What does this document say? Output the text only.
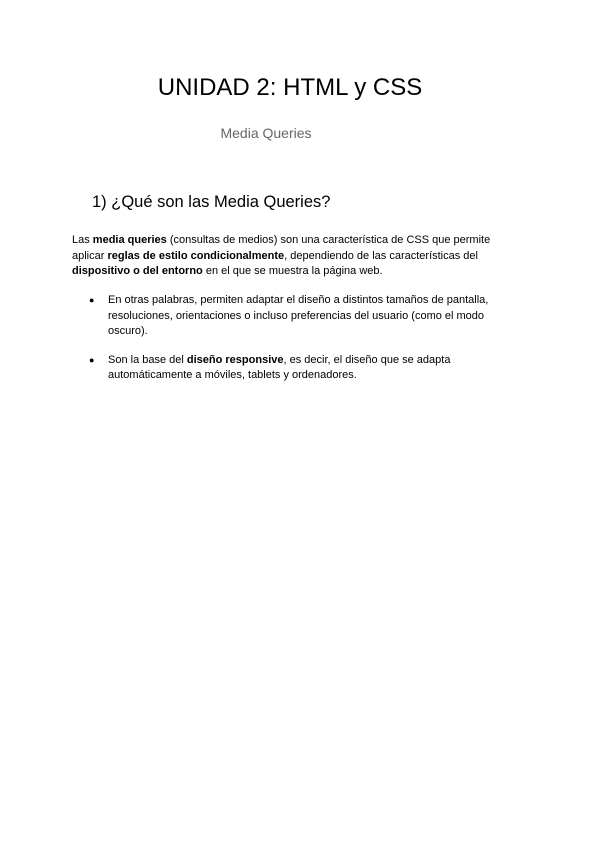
UNIDAD 2: HTML y CSS

Media Queries

1) ¿Qué son las Media Queries?

Las media queries (consultas de medios) son una característica de CSS que permite aplicar reglas de estilo condicionalmente, dependiendo de las características del dispositivo o del entorno en el que se muestra la página web.

● En otras palabras, permiten adaptar el diseño a distintos tamaños de pantalla, resoluciones, orientaciones o incluso preferencias del usuario (como el modo oscuro).
● Son la base del diseño responsive, es decir, el diseño que se adapta automáticamente a móviles, tablets y ordenadores.
